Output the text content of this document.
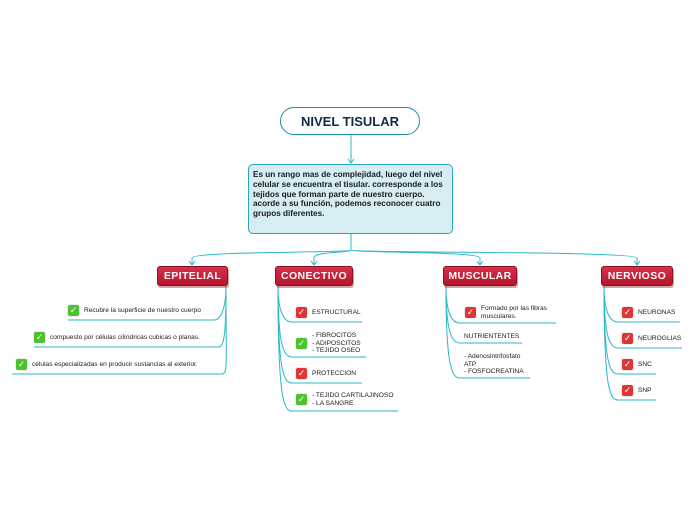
NIVEL TISULAR
Es un rango mas de complejidad, luego del nivel celular se encuentra el tisular. corresponde a los tejidos que forman parte de nuestro cuerpo. acorde a su función, podemos reconocer cuatro grupos diferentes.
EPITELIAL	CONECTIVO	MUSCULAR	NERVIOSO
✓ Recubre la superficie de nuestro cuerpo
✓ compuesto por células cilíndricas cubicas o planas.
✓ células especializadas en producir sustancias al exterior.
✓ ESTRUCTURAL
✓
- FIBROCITOS
- ADIPOSCITOS
- TEJIDO OSEO
✓ PROTECCION
✓ - TEJIDO CARTILAJINOSO
- LA SANGRE
✓ Formado por las fibras
musculares.
NUTRIENTENTES
- Adenosintrifosfato
ATP
- FOSFOCREATINA
✓ NEURONAS
✓ NEUROGLIAS
✓ SNC
✓ SNP
